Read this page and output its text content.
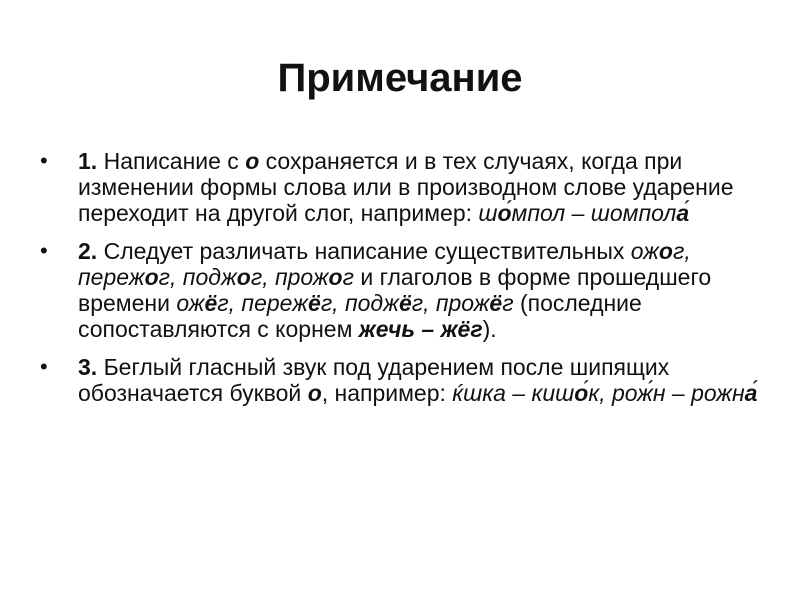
Примечание
•	1. Написание с о сохраняется и в тех случаях, когда при изменении формы слова или в производном слове ударение переходит на другой слог, например: шо́мпол – шомпола
•	2. Следует различать написание существительных ожог, пережог, поджог, прожог и глаголов в форме прошедшего времени ожёг, пережёг, поджёг, прожёг (последние сопоставляются с корнем жечь – жёг).
•	3. Беглый гласный звук под ударением после шипящих обозначается буквой о, например: ќшка – кишо́к, рож́н – рожна
